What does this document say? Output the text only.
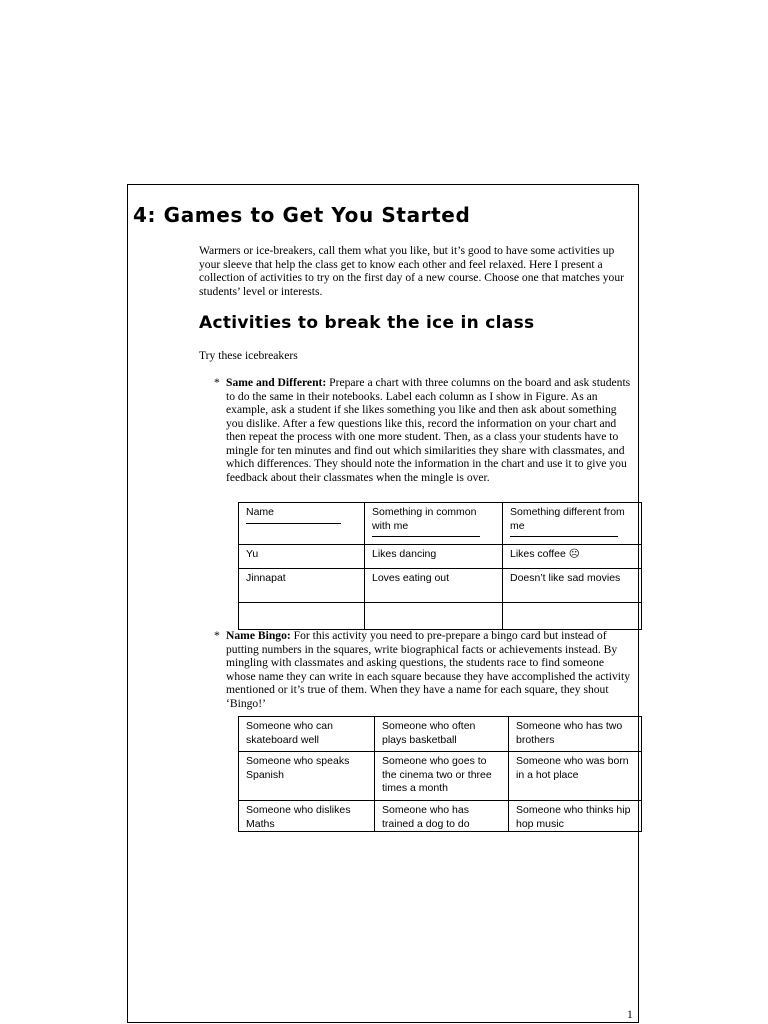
4: Games to Get You Started

Warmers or ice-breakers, call them what you like, but it’s good to have some activities up your sleeve that help the class get to know each other and feel relaxed. Here I present a collection of activities to try on the first day of a new course. Choose one that matches your students’ level or interests.

Activities to break the ice in class

Try these icebreakers

* Same and Different: Prepare a chart with three columns on the board and ask students to do the same in their notebooks. Label each column as I show in Figure. As an example, ask a student if she likes something you like and then ask about something you dislike. After a few questions like this, record the information on your chart and then repeat the process with one more student. Then, as a class your students have to mingle for ten minutes and find out which similarities they share with classmates, and which differences. They should note the information in the chart and use it to give you feedback about their classmates when the mingle is over.

Name	Something in common with me	Something different from me

Yu	Likes dancing	Likes coffee ☹
Jinnapat	Loves eating out	Doesn’t like sad movies

* Name Bingo: For this activity you need to pre-prepare a bingo card but instead of putting numbers in the squares, write biographical facts or achievements instead. By mingling with classmates and asking questions, the students race to find someone whose name they can write in each square because they have accomplished the activity mentioned or it’s true of them. When they have a name for each square, they shout ‘Bingo!’

Someone who can skateboard well	Someone who often plays basketball	Someone who has two brothers
Someone who speaks Spanish	Someone who goes to the cinema two or three times a month	Someone who was born in a hot place
Someone who dislikes Maths	Someone who has trained a dog to do	Someone who thinks hip hop music

1
